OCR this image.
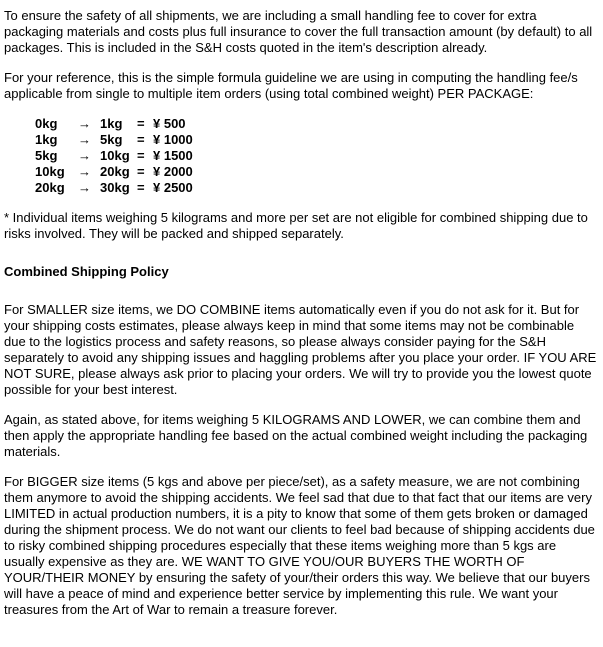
To ensure the safety of all shipments, we are including a small handling fee to cover for extra packaging materials and costs plus full insurance to cover the full transaction amount (by default) to all packages. This is included in the S&H costs quoted in the item's description already.

For your reference, this is the simple formula guideline we are using in computing the handling fee/s applicable from single to multiple item orders (using total combined weight) PER PACKAGE:

0kg → 1kg = ¥ 500
1kg → 5kg = ¥ 1000
5kg → 10kg = ¥ 1500
10kg → 20kg = ¥ 2000
20kg → 30kg = ¥ 2500

* Individual items weighing 5 kilograms and more per set are not eligible for combined shipping due to risks involved. They will be packed and shipped separately.

Combined Shipping Policy

For SMALLER size items, we DO COMBINE items automatically even if you do not ask for it. But for your shipping costs estimates, please always keep in mind that some items may not be combinable due to the logistics process and safety reasons, so please always consider paying for the S&H separately to avoid any shipping issues and haggling problems after you place your order. IF YOU ARE NOT SURE, please always ask prior to placing your orders. We will try to provide you the lowest quote possible for your best interest.

Again, as stated above, for items weighing 5 KILOGRAMS AND LOWER, we can combine them and then apply the appropriate handling fee based on the actual combined weight including the packaging materials.

For BIGGER size items (5 kgs and above per piece/set), as a safety measure, we are not combining them anymore to avoid the shipping accidents. We feel sad that due to that fact that our items are very LIMITED in actual production numbers, it is a pity to know that some of them gets broken or damaged during the shipment process. We do not want our clients to feel bad because of shipping accidents due to risky combined shipping procedures especially that these items weighing more than 5 kgs are usually expensive as they are. WE WANT TO GIVE YOU/OUR BUYERS THE WORTH OF YOUR/THEIR MONEY by ensuring the safety of your/their orders this way. We believe that our buyers will have a peace of mind and experience better service by implementing this rule. We want your treasures from the Art of War to remain a treasure forever.
